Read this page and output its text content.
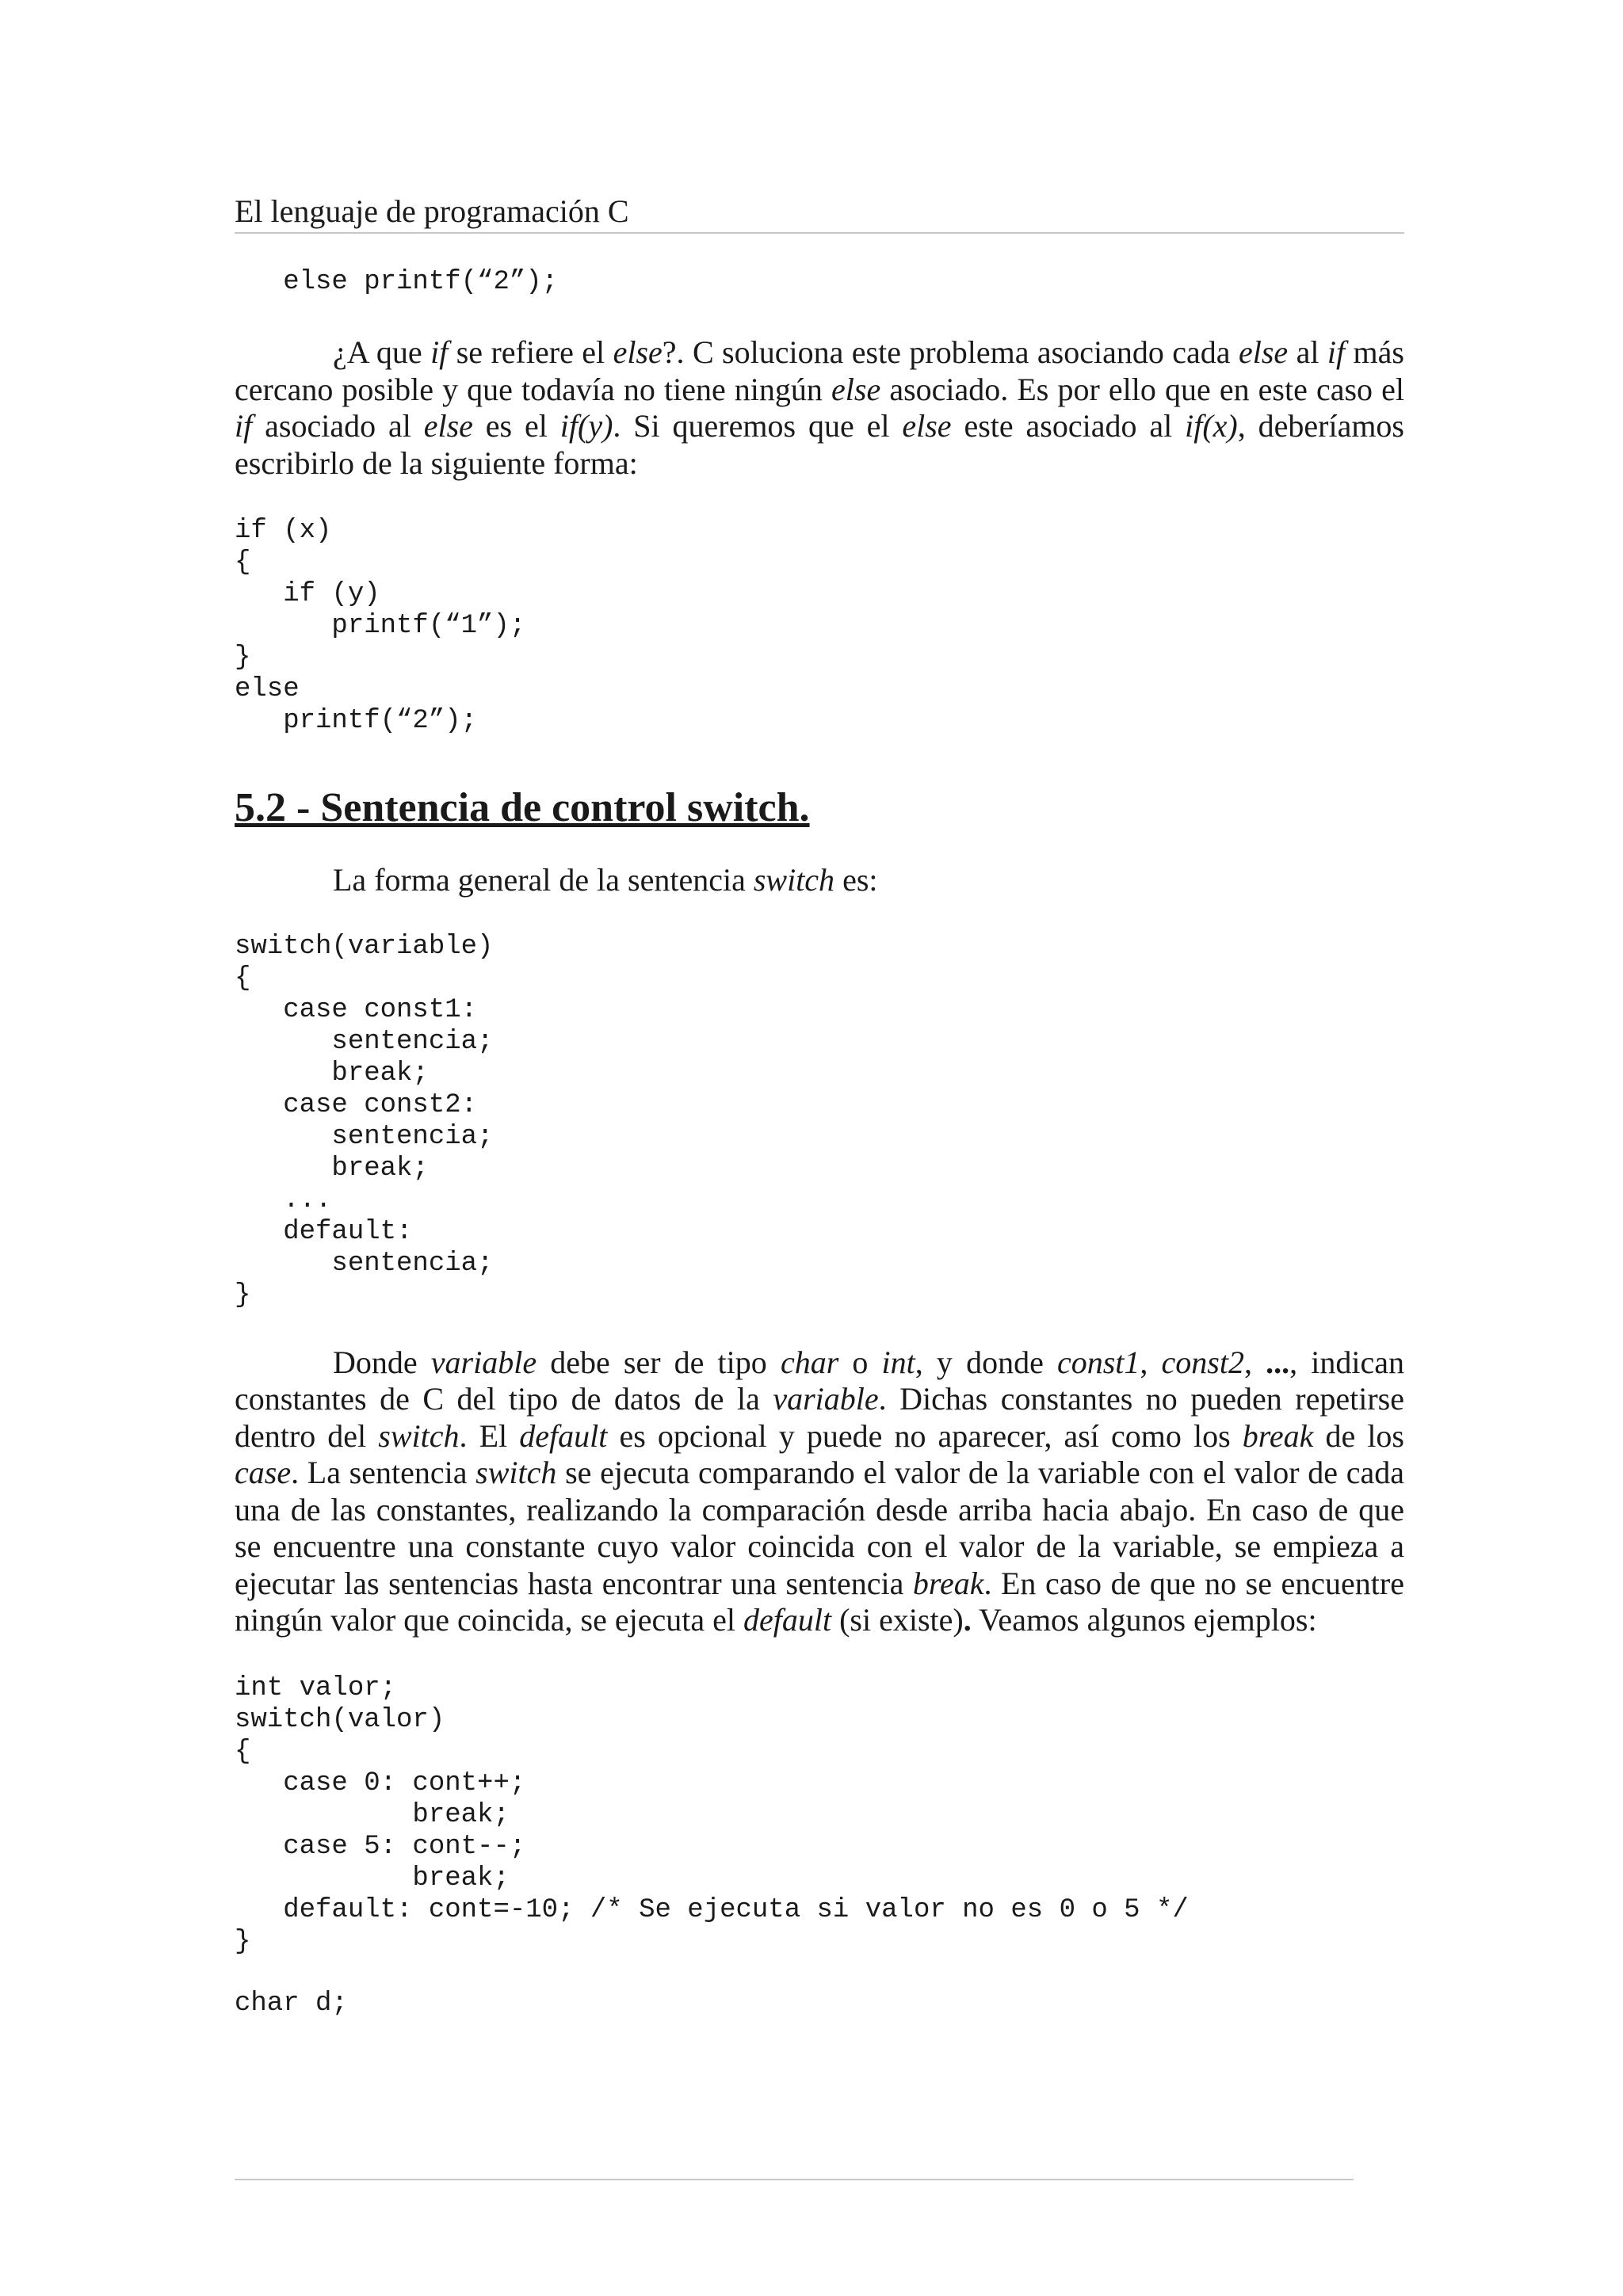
El lenguaje de programación C
else printf(“2”);

¿A que if se refiere el else?. C soluciona este problema asociando cada else al if más cercano posible y que todavía no tiene ningún else asociado. Es por ello que en este caso el if asociado al else es el if(y). Si queremos que el else este asociado al if(x), deberíamos escribirlo de la siguiente forma:

if (x)
{
if (y)
printf(“1”);
}
else
printf(“2”);
5.2 - Sentencia de control switch.

La forma general de la sentencia switch es:

switch(variable)
{
case const1:
sentencia;
break;
case const2:
sentencia;
break;
...
default:
sentencia;
}

Donde variable debe ser de tipo char o int, y donde const1, const2, ..., indican constantes de C del tipo de datos de la variable. Dichas constantes no pueden repetirse dentro del switch. El default es opcional y puede no aparecer, así como los break de los case. La sentencia switch se ejecuta comparando el valor de la variable con el valor de cada una de las constantes, realizando la comparación desde arriba hacia abajo. En caso de que se encuentre una constante cuyo valor coincida con el valor de la variable, se empieza a ejecutar las sentencias hasta encontrar una sentencia break. En caso de que no se encuentre ningún valor que coincida, se ejecuta el default (si existe). Veamos algunos ejemplos:

int valor;
switch(valor)
{
case 0: cont++;
break;
case 5: cont--;
break;
default: cont=-10; /* Se ejecuta si valor no es 0 o 5 */
}
char d;
